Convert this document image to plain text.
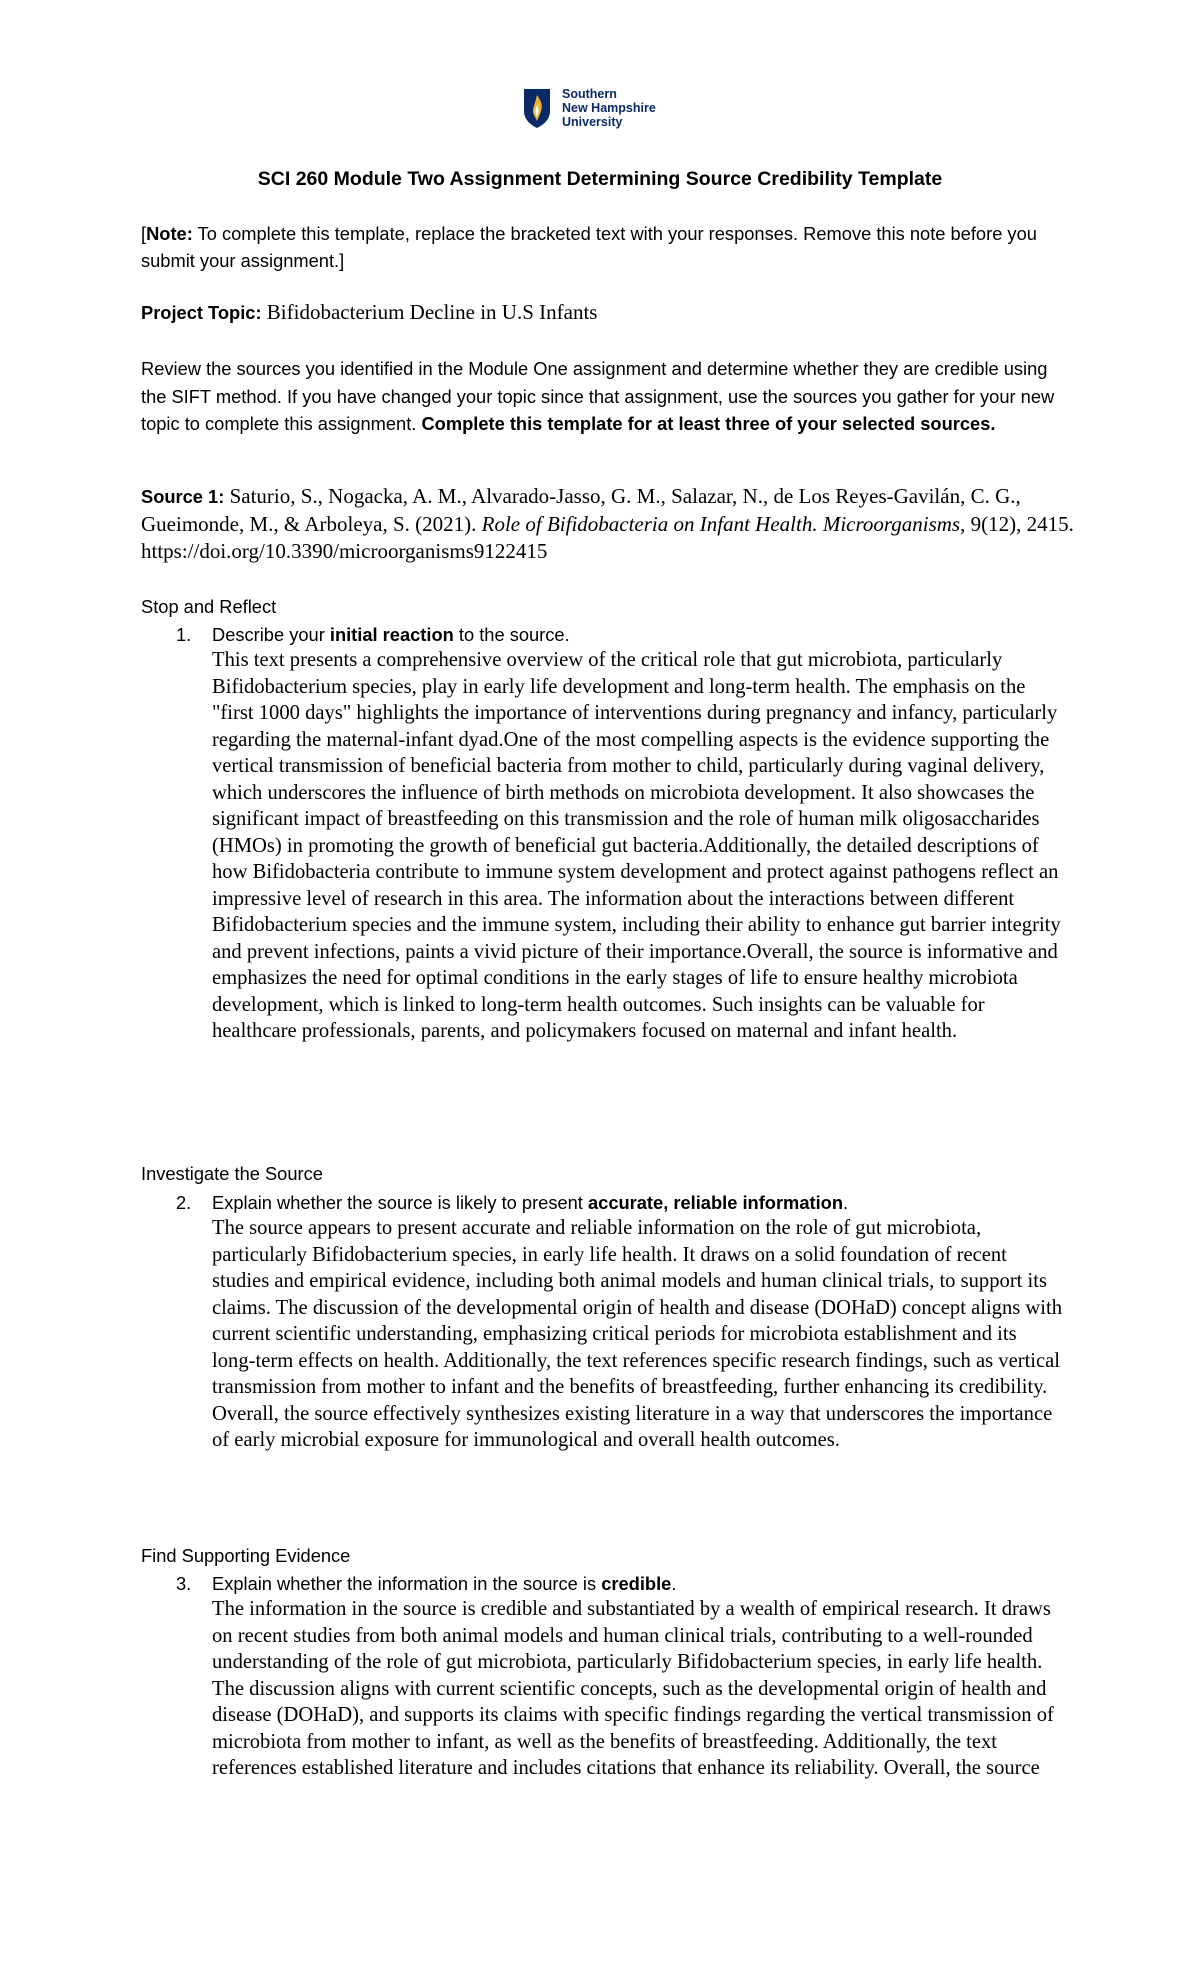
Southern
New Hampshire
University
SCI 260 Module Two Assignment Determining Source Credibility Template
[Note: To complete this template, replace the bracketed text with your responses. Remove this note before you submit your assignment.]
Project Topic: Bifidobacterium Decline in U.S Infants
Review the sources you identified in the Module One assignment and determine whether they are credible using the SIFT method. If you have changed your topic since that assignment, use the sources you gather for your new topic to complete this assignment. Complete this template for at least three of your selected sources.
Source 1: Saturio, S., Nogacka, A. M., Alvarado-Jasso, G. M., Salazar, N., de Los Reyes-Gavilán, C. G., Gueimonde, M., & Arboleya, S. (2021). Role of Bifidobacteria on Infant Health. Microorganisms, 9(12), 2415. https://doi.org/10.3390/microorganisms9122415
Stop and Reflect
1. Describe your initial reaction to the source.
This text presents a comprehensive overview of the critical role that gut microbiota, particularly Bifidobacterium species, play in early life development and long-term health. The emphasis on the "first 1000 days" highlights the importance of interventions during pregnancy and infancy, particularly regarding the maternal-infant dyad.One of the most compelling aspects is the evidence supporting the vertical transmission of beneficial bacteria from mother to child, particularly during vaginal delivery, which underscores the influence of birth methods on microbiota development. It also showcases the significant impact of breastfeeding on this transmission and the role of human milk oligosaccharides (HMOs) in promoting the growth of beneficial gut bacteria.Additionally, the detailed descriptions of how Bifidobacteria contribute to immune system development and protect against pathogens reflect an impressive level of research in this area. The information about the interactions between different Bifidobacterium species and the immune system, including their ability to enhance gut barrier integrity and prevent infections, paints a vivid picture of their importance.Overall, the source is informative and emphasizes the need for optimal conditions in the early stages of life to ensure healthy microbiota development, which is linked to long-term health outcomes. Such insights can be valuable for healthcare professionals, parents, and policymakers focused on maternal and infant health.
Investigate the Source
2. Explain whether the source is likely to present accurate, reliable information.
The source appears to present accurate and reliable information on the role of gut microbiota, particularly Bifidobacterium species, in early life health. It draws on a solid foundation of recent studies and empirical evidence, including both animal models and human clinical trials, to support its claims. The discussion of the developmental origin of health and disease (DOHaD) concept aligns with current scientific understanding, emphasizing critical periods for microbiota establishment and its long-term effects on health. Additionally, the text references specific research findings, such as vertical transmission from mother to infant and the benefits of breastfeeding, further enhancing its credibility. Overall, the source effectively synthesizes existing literature in a way that underscores the importance of early microbial exposure for immunological and overall health outcomes.
Find Supporting Evidence
3. Explain whether the information in the source is credible.
The information in the source is credible and substantiated by a wealth of empirical research. It draws on recent studies from both animal models and human clinical trials, contributing to a well-rounded understanding of the role of gut microbiota, particularly Bifidobacterium species, in early life health. The discussion aligns with current scientific concepts, such as the developmental origin of health and disease (DOHaD), and supports its claims with specific findings regarding the vertical transmission of microbiota from mother to infant, as well as the benefits of breastfeeding. Additionally, the text references established literature and includes citations that enhance its reliability. Overall, the source
